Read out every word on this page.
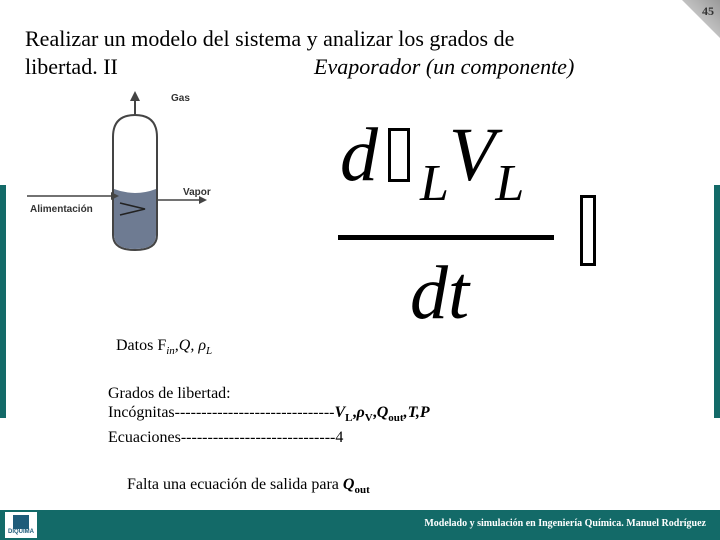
45
Realizar un modelo del sistema y analizar los grados de
libertad. II	Evaporador (un componente)
Gas
Vapor
Alimentación
d $_LV_L$
dt
Datos $F_{in},Q$, $\rho_L$
Grados de libertad:
Incógnitas-$-----------------------------V_L,\rho_V,Q_{out},T,P$
Ecuaciones-----------------------------4
Falta una ecuación de salida para $Q_{out}$
DIQUIMA
Modelado y simulación en Ingeniería Química. Manuel Rodríguez
